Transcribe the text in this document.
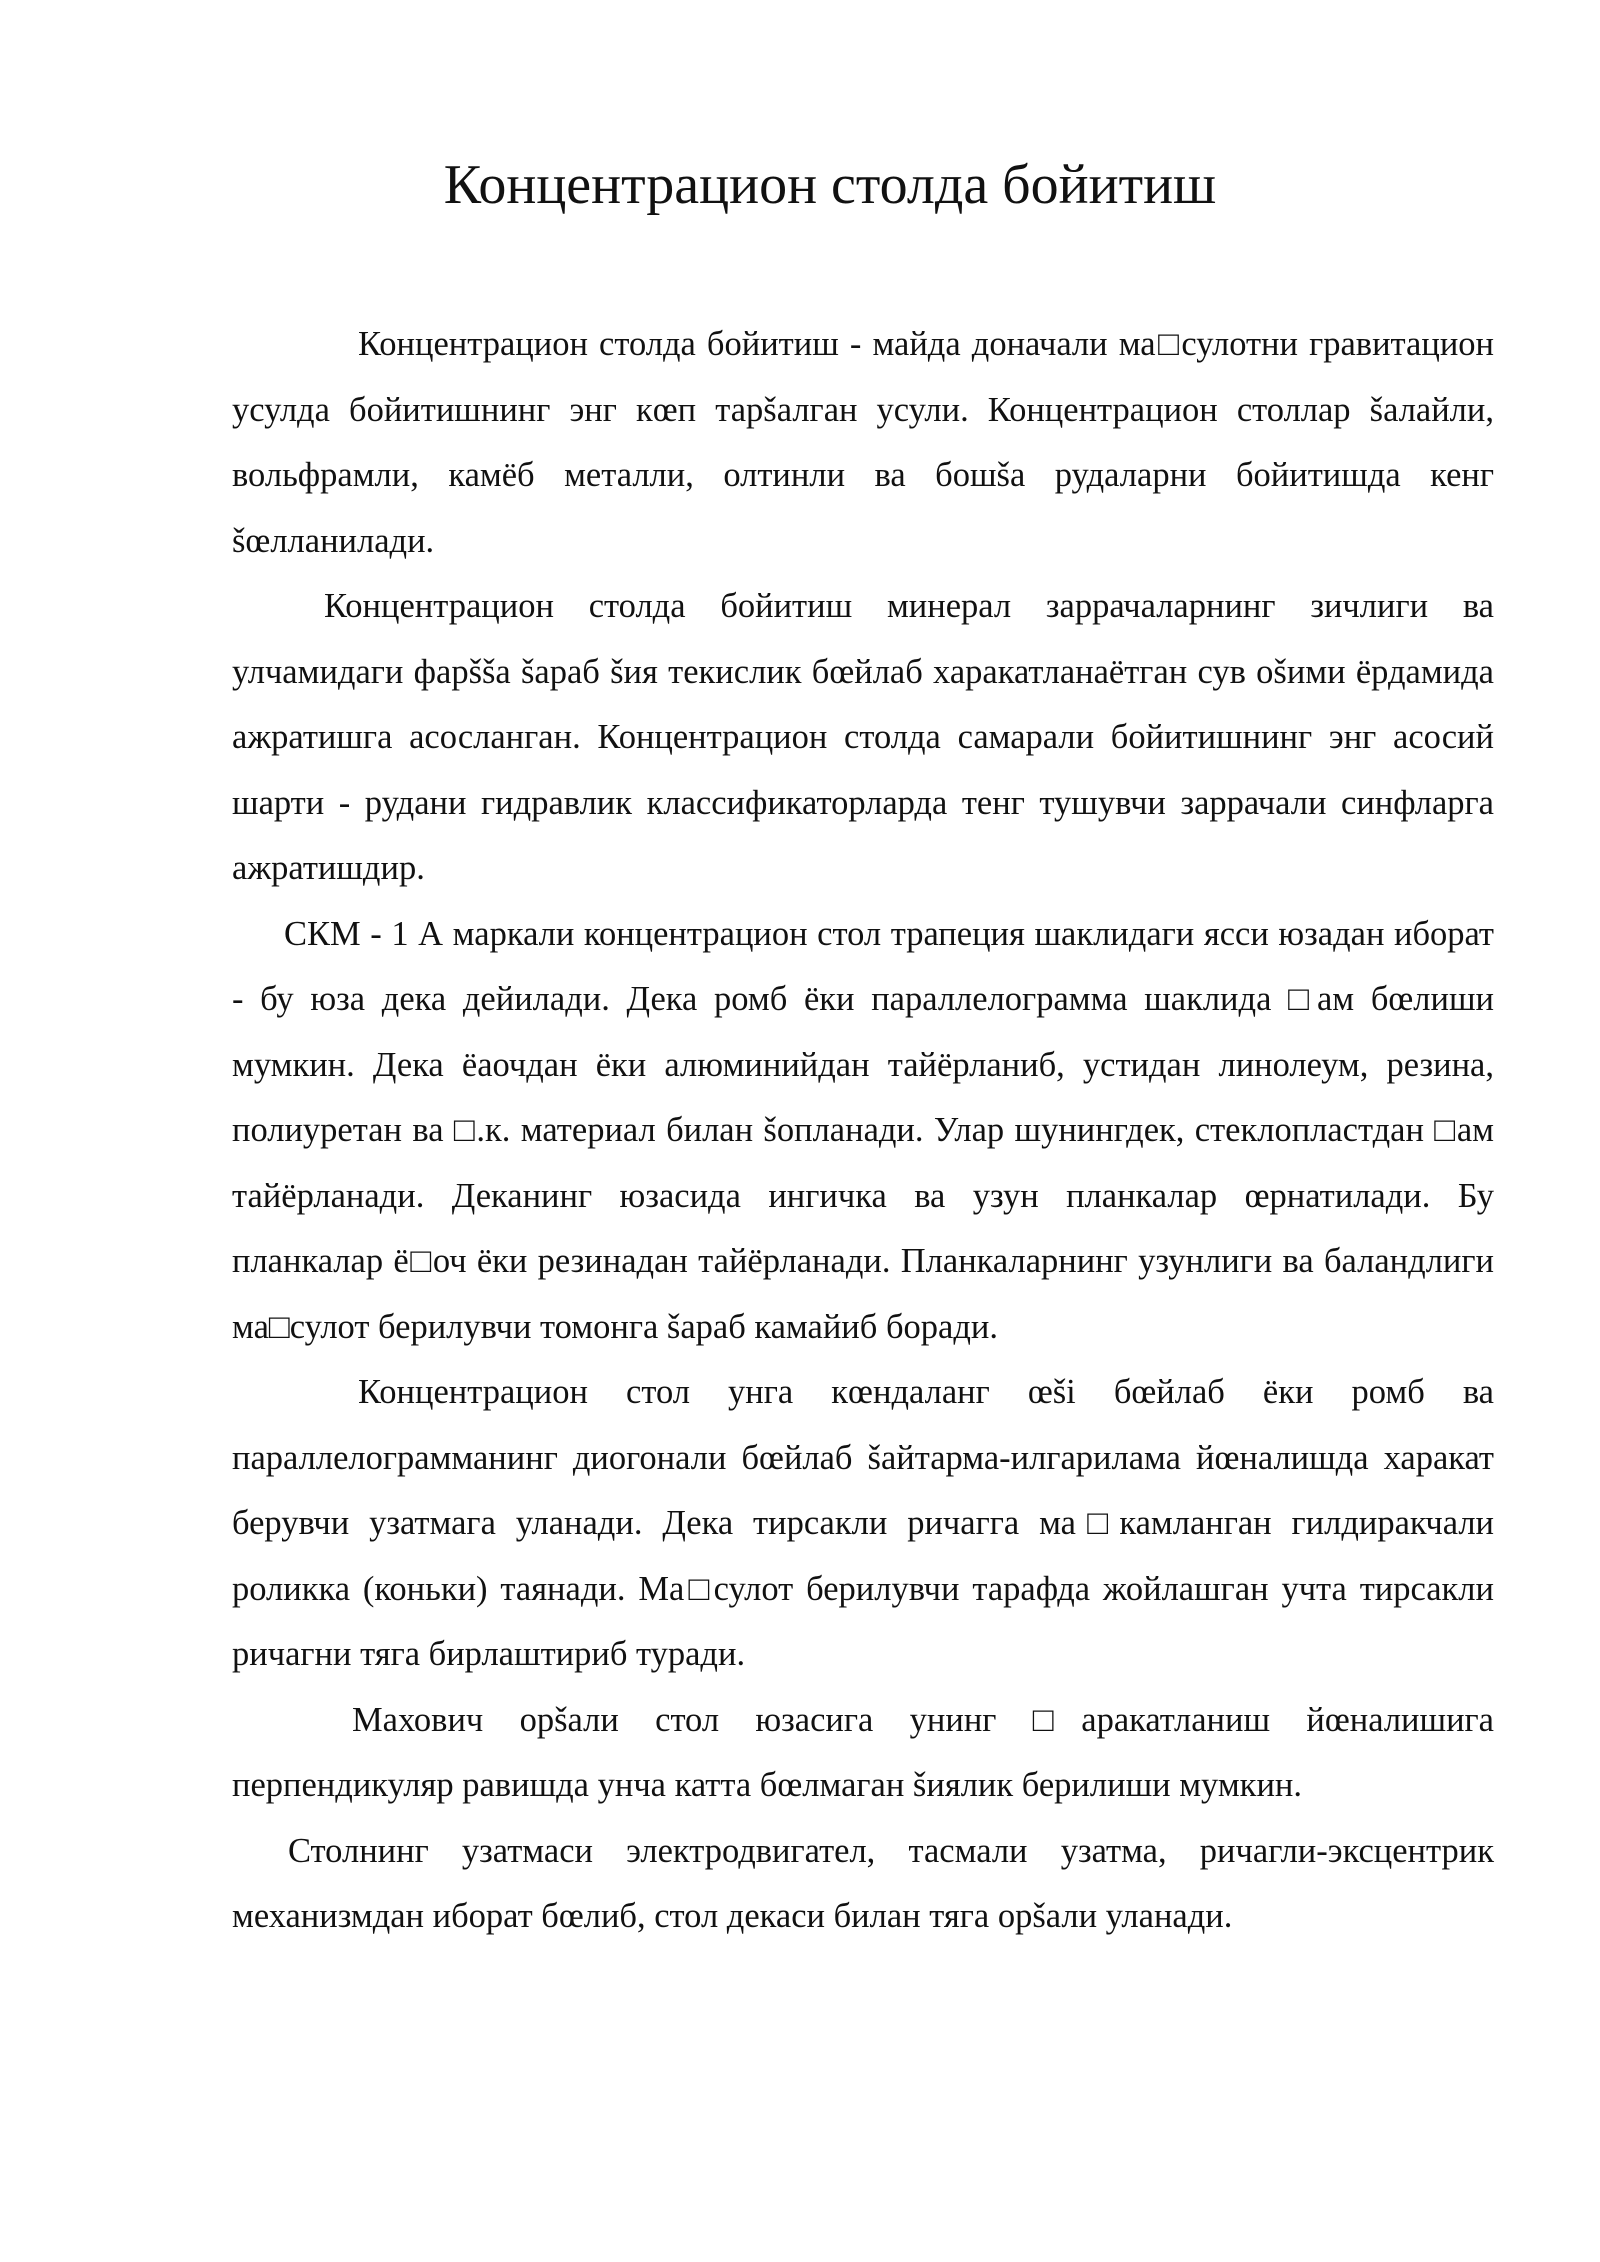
Концентрацион столда бойитиш

Концентрацион столда бойитиш - майда доначали ма□сулотни гравитацион усулда бойитишнинг энг кœп тарšалган усули. Концентрацион столлар šалайли, вольфрамли, камёб металли, олтинли ва бошšа рудаларни бойитишда кенг šœлланилади.

Концентрацион столда бойитиш минерал заррачаларнинг зичлиги ва улчамидаги фарšša šараб šия текислик бœйлаб харакатланаётган сув ošими ёрдамида ажратишга асосланган. Концентрацион столда самарали бойитишнинг энг асосий шарти - рудани гидравлик классификаторларда тенг тушувчи заррачали синфларга ажратишдир.

СКМ - 1 А маркали концентрацион стол трапеция шаклидаги ясси юзадан иборат - бу юза дека дейилади. Дека ромб ёки параллелограмма шаклида □ам бœлиши мумкин. Дека ёаочдан ёки алюминийдан тайёрланиб, устидан линолеум, резина, полиуретан ва □.к. материал билан šопланади. Улар шунингдек, стеклопластдан □ам тайёрланади. Деканинг юзасида ингичка ва узун планкалар œрнатилади. Бу планкалар ё□оч ёки резинадан тайёрланади. Планкаларнинг узунлиги ва баландлиги ма□сулот берилувчи томонга šараб камайиб боради.

Концентрацион стол унга кœндаланг œši бœйлаб ёки ромб ва параллелограмманинг диогонали бœйлаб šайтарма-илгарилама йœналишда харакат берувчи узатмага уланади. Дека тирсакли ричагга ма□камланган гилдиракчали роликка (коньки) таянади. Ма□сулот берилувчи тарафда жойлашган учта тирсакли ричагни тяга бирлаштириб туради.

Махович opšали стол юзасига унинг □аракатланиш йœналишига перпендикуляр равишда унча катта бœлмаган šиялик берилиши мумкин.

Столнинг узатмаси электродвигател, тасмали узатма, ричагли-эксцентрик механизмдан иборат бœлиб, стол декаси билан тяга opšали уланади.
